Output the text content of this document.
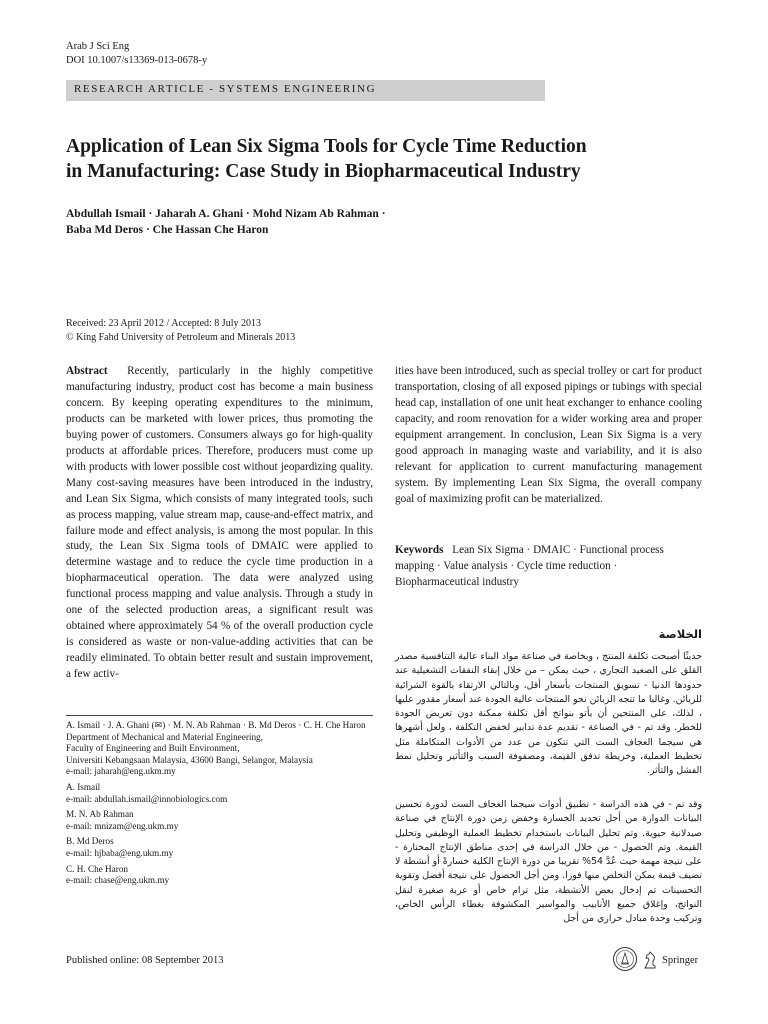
Arab J Sci Eng
DOI 10.1007/s13369-013-0678-y
RESEARCH ARTICLE - SYSTEMS ENGINEERING
Application of Lean Six Sigma Tools for Cycle Time Reduction
in Manufacturing: Case Study in Biopharmaceutical Industry
Abdullah Ismail · Jaharah A. Ghani · Mohd Nizam Ab Rahman ·
Baba Md Deros · Che Hassan Che Haron
Received: 23 April 2012 / Accepted: 8 July 2013
© King Fahd University of Petroleum and Minerals 2013
Abstract Recently, particularly in the highly competitive manufacturing industry, product cost has become a main business concern. By keeping operating expenditures to the minimum, products can be marketed with lower prices, thus promoting the buying power of customers. Consumers always go for high-quality products at affordable prices. Therefore, producers must come up with products with lower possible cost without jeopardizing quality. Many cost-saving measures have been introduced in the industry, and Lean Six Sigma, which consists of many integrated tools, such as process mapping, value stream map, cause-and-effect matrix, and failure mode and effect analysis, is among the most popular. In this study, the Lean Six Sigma tools of DMAIC were applied to determine wastage and to reduce the cycle time production in a biopharmaceutical operation. The data were analyzed using functional process mapping and value analysis. Through a study in one of the selected production areas, a significant result was obtained where approximately 54 % of the overall production cycle is considered as waste or non-value-adding activities that can be readily eliminated. To obtain better result and sustain improvement, a few activ-
ities have been introduced, such as special trolley or cart for product transportation, closing of all exposed pipings or tubings with special head cap, installation of one unit heat exchanger to enhance cooling capacity, and room renovation for a wider working area and proper equipment arrangement. In conclusion, Lean Six Sigma is a very good approach in managing waste and variability, and it is also relevant for application to current manufacturing management system. By implementing Lean Six Sigma, the overall company goal of maximizing profit can be materialized.
Keywords Lean Six Sigma · DMAIC · Functional process mapping · Value analysis · Cycle time reduction · Biopharmaceutical industry

A. Ismail · J. A. Ghani (✉) · M. N. Ab Rahman · B. Md Deros · C. H. Che Haron
Department of Mechanical and Material Engineering,
Faculty of Engineering and Built Environment,
Universiti Kebangsaan Malaysia, 43600 Bangi, Selangor, Malaysia
e-mail: jaharah@eng.ukm.my

A. Ismail
e-mail: abdullah.ismail@innobiologics.com

M. N. Ab Rahman
e-mail: mnizam@eng.ukm.my

B. Md Deros
e-mail: hjbaba@eng.ukm.my

C. H. Che Haron
e-mail: chase@eng.ukm.my

الخلاصة
حديثًا أصبحت تكلفة المنتج ، وبخاصة في صناعة مواد البناء عالية التنافسية مصدر القلق على الصعيد التجاري ، حيث يمكن – من خلال إبقاء النفقات التشغيلية عند حدودها الدنيا - تسويق المنتجات بأسعار أقل، وبالتالي الارتقاء بالقوة الشرائية للزبائن. وغالبا ما تتجه الزبائن نحو المنتجات عالية الجودة عند أسعار مقدور عليها ، لذلك، على المنتجين أن يأتو بنواتج أقل تكلفة ممكنة دون تعريض الجودة للخطر. وقد تم - في الصناعة - تقديم عدة تدابير لخفض التكلفة ، ولعل أشهرها هي سيجما العجاف الست التي تتكون من عدد من الأدوات المتكاملة مثل تخطيط العملية، وخريطة تدفق القيمة، ومصفوفة السبب والتأثير وتحليل نمط الفشل والتأثر.
وقد تم - في هذه الدراسة - تطبيق أدوات سيجما العجاف الست لدورة تحسين البيانات الدوارة من أجل تحديد الخسارة وخفض زمن دورة الإنتاج في صناعة صيدلانية حيوية. وتم تحليل البيانات باستخدام تخطيط العملية الوظيفي وتحليل القيمة. وتم الحصول - من خلال الدراسة في إحدى مناطق الإنتاج المختارة - على نتيجة مهمة حيث عُدَّ 54% تقريبا من دورة الإنتاج الكلية خسارةً أو أنشطة لا تضيف قيمة يمكن التخلص منها فورا. ومن أجل الحصول على نتيجة أفضل وتقوية التحسينات تم إدخال بعض الأنشطة، مثل ترام خاص أو عربة صغيرة لنقل النواتج، وإغلاق جميع الأنابيب والمواسير المكشوفة بغطاء الرأس الخاص، وتركيب وحدة مبادل حراري من أجل
Published online: 08 September 2013	Springer
